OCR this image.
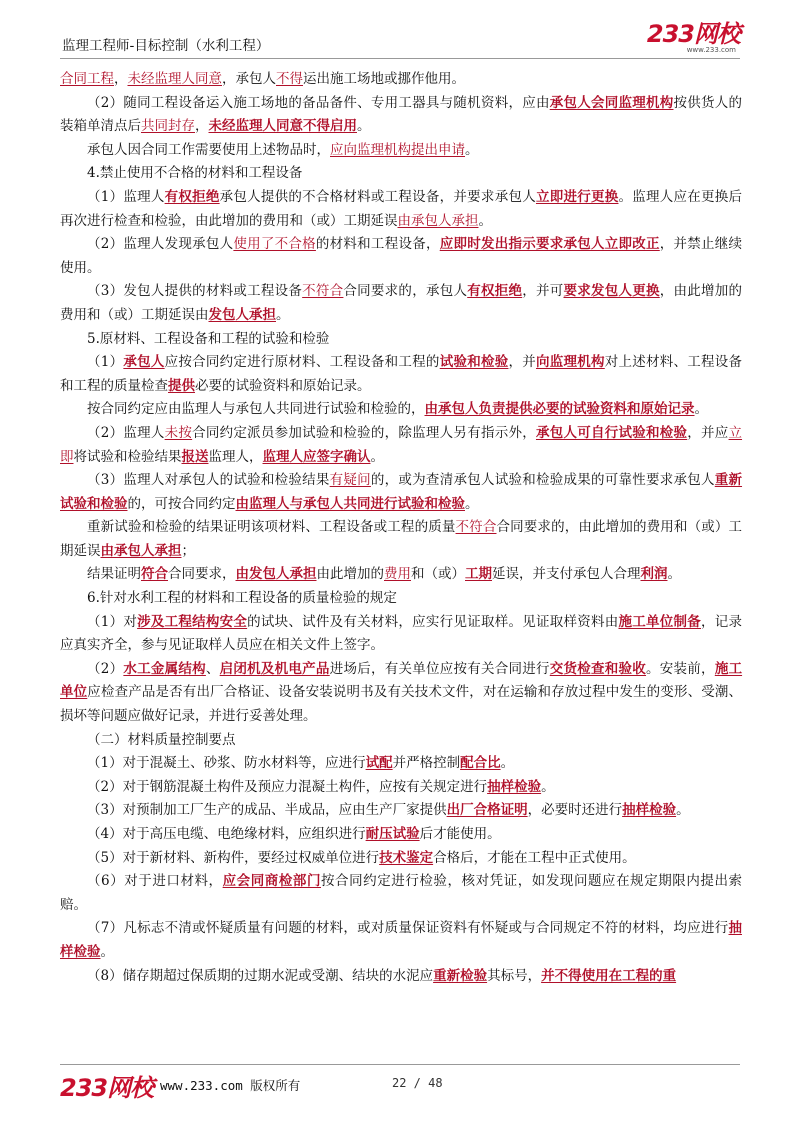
监理工程师-目标控制（水利工程）	233网校
www.233.com

合同工程，未经监理人同意，承包人不得运出施工场地或挪作他用。

（2）随同工程设备运入施工场地的备品备件、专用工器具与随机资料，应由承包人会同监理机构按供货人的装箱单清点后共同封存，未经监理人同意不得启用。

承包人因合同工作需要使用上述物品时，应向监理机构提出申请。

4.禁止使用不合格的材料和工程设备

（1）监理人有权拒绝承包人提供的不合格材料或工程设备，并要求承包人立即进行更换。监理人应在更换后再次进行检查和检验，由此增加的费用和（或）工期延误由承包人承担。

（2）监理人发现承包人使用了不合格的材料和工程设备，应即时发出指示要求承包人立即改正，并禁止继续使用。

（3）发包人提供的材料或工程设备不符合合同要求的，承包人有权拒绝，并可要求发包人更换，由此增加的费用和（或）工期延误由发包人承担。

5.原材料、工程设备和工程的试验和检验

（1）承包人应按合同约定进行原材料、工程设备和工程的试验和检验，并向监理机构对上述材料、工程设备和工程的质量检查提供必要的试验资料和原始记录。

按合同约定应由监理人与承包人共同进行试验和检验的，由承包人负责提供必要的试验资料和原始记录。

（2）监理人未按合同约定派员参加试验和检验的，除监理人另有指示外，承包人可自行试验和检验，并应立即将试验和检验结果报送监理人，监理人应签字确认。

（3）监理人对承包人的试验和检验结果有疑问的，或为查清承包人试验和检验成果的可靠性要求承包人重新试验和检验的，可按合同约定由监理人与承包人共同进行试验和检验。

重新试验和检验的结果证明该项材料、工程设备或工程的质量不符合合同要求的，由此增加的费用和（或）工期延误由承包人承担；

结果证明符合合同要求，由发包人承担由此增加的费用和（或）工期延误，并支付承包人合理利润。

6.针对水利工程的材料和工程设备的质量检验的规定

（1）对涉及工程结构安全的试块、试件及有关材料，应实行见证取样。见证取样资料由施工单位制备，记录应真实齐全，参与见证取样人员应在相关文件上签字。

（2）水工金属结构、启闭机及机电产品进场后，有关单位应按有关合同进行交货检查和验收。安装前，施工单位应检查产品是否有出厂合格证、设备安装说明书及有关技术文件，对在运输和存放过程中发生的变形、受潮、损坏等问题应做好记录，并进行妥善处理。

（二）材料质量控制要点

（1）对于混凝土、砂浆、防水材料等，应进行试配并严格控制配合比。

（2）对于钢筋混凝土构件及预应力混凝土构件，应按有关规定进行抽样检验。

（3）对预制加工厂生产的成品、半成品，应由生产厂家提供出厂合格证明，必要时还进行抽样检验。

（4）对于高压电缆、电绝缘材料，应组织进行耐压试验后才能使用。

（5）对于新材料、新构件，要经过权威单位进行技术鉴定合格后，才能在工程中正式使用。

（6）对于进口材料，应会同商检部门按合同约定进行检验，核对凭证，如发现问题应在规定期限内提出索赔。

（7）凡标志不清或怀疑质量有问题的材料，或对质量保证资料有怀疑或与合同规定不符的材料，均应进行抽样检验。

（8）储存期超过保质期的过期水泥或受潮、结块的水泥应重新检验其标号，并不得使用在工程的重

233网校 www.233.com 版权所有	22 / 48
